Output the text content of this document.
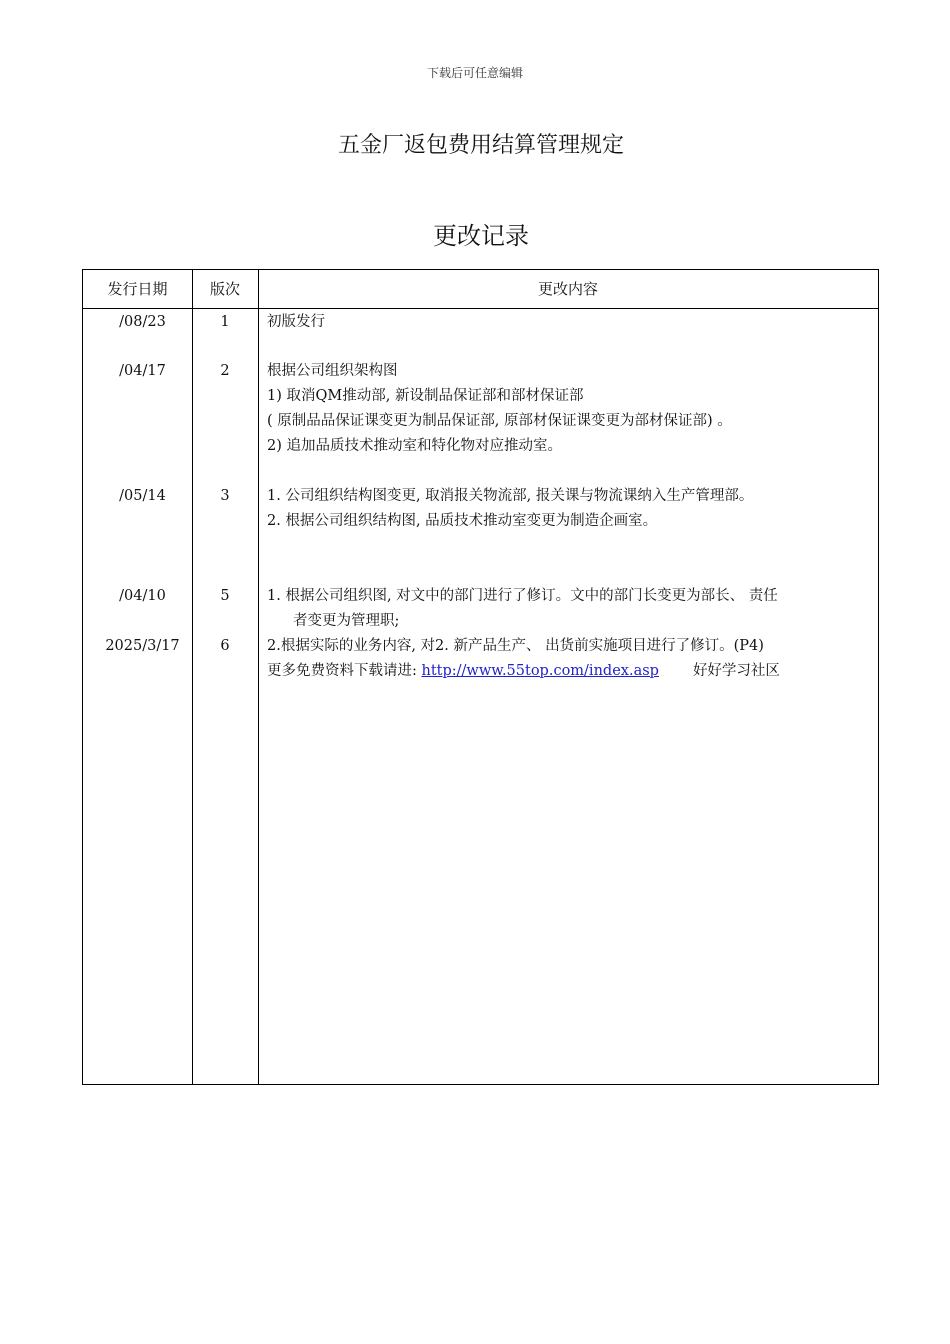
下载后可任意编辑
五金厂返包费用结算管理规定
更改记录
发行日期	版次	更改内容
/08/23	1	初版发行
/04/17	2	根据公司组织架构图
1) 取消QM推动部, 新设制品保证部和部材保证部
( 原制品品保证课变更为制品保证部, 原部材保证课变更为部材保证部) 。
2) 追加品质技术推动室和特化物对应推动室。
/05/14	3	1. 公司组织结构图变更, 取消报关物流部, 报关课与物流课纳入生产管理部。
2. 根据公司组织结构图, 品质技术推动室变更为制造企画室。
/04/10	5	1. 根据公司组织图, 对文中的部门进行了修订。文中的部门长变更为部长、 责任
者变更为管理职;
2025/3/17	6	2.根据实际的业务内容, 对2. 新产品生产、 出货前实施项目进行了修订。(P4)
更多免费资料下载请进: http://www.55top.com/index.asp 好好学习社区
